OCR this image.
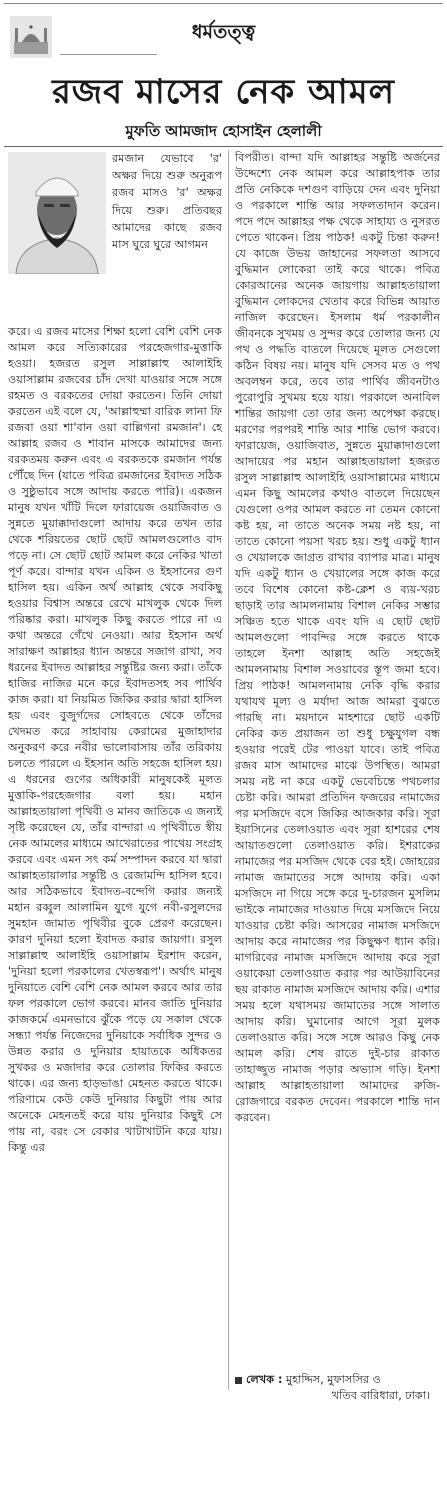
ধর্মতত্ত্ব
রজব মাসের নেক আমল
মুফতি আমজাদ হোসাইন হেলালী
রমজান যেভাবে 'র' অক্ষর দিয়ে শুরু অনুরূপ রজব মাসও 'র' অক্ষর দিয়ে শুরু। প্রতিবছর আমাদের কাছে রজব মাস ঘুরে ঘুরে আগমন
করে। এ রজব মাসের শিক্ষা হলো বেশি বেশি নেক আমল করে সত্যিকারের পরহেজগার-মুত্তাকি হওয়া। হজরত রসুল সাল্লাল্লাহু আলাইহি ওয়াসাল্লাম রজবের চাঁদ দেখা যাওয়ার সঙ্গে সঙ্গে রহমত ও বরকতের দোয়া করতেন। তিনি দোয়া করতেন এই বলে যে, 'আল্লাহুম্মা বারিক লানা ফি রজবা ওয়া শা'বান ওয়া বাল্লিগনা রমজান'। হে আল্লাহ রজব ও শাবান মাসকে আমাদের জন্য বরকতময় করুন এবং এ বরকতকে রমজান পর্যন্ত পৌঁছে দিন (যাতে পবিত্র রমজানের ইবাদত সঠিক ও সুষ্ঠুভাবে সঙ্গে আদায় করতে পারি)। একজন মানুষ যখন খাঁটি দিলে ফারায়েজ ওয়াজিবাত ও সুন্নতে মুয়াক্কাদাগুলো আদায় করে তখন তার থেকে শরিয়তের ছোট ছোট আমলগুলোও বাদ পড়ে না। সে ছোট ছোট আমল করে নেকির খাতা পূর্ণ করে। বান্দার যখন একিন ও ইহসানের গুণ হাসিল হয়। একিন অর্থ আল্লাহ থেকে সবকিছু হওয়ার বিশ্বাস অন্তরে রেখে মাখলুক থেকে দিল পরিষ্কার করা। মাখলুক কিছু করতে পারে না এ কথা অন্তরে গেঁথে নেওয়া। আর ইহসান অর্থ সারাক্ষণ আল্লাহর ধ্যান অন্তরে সজাগ রাখা, সব ধরনের ইবাদত আল্লাহর সন্তুষ্টির জন্য করা। তাঁকে হাজির নাজির মনে করে ইবাদতসহ সব পার্থিব কাজ করা। যা নিয়মিত জিকির করার দ্বারা হাসিল হয় এবং বুজুর্গদের সোহবতে থেকে তাঁদের খেদমত করে সাহাবায় কেরামের মুজাহাদার অনুকরণ করে নবীর ভালোবাসায় তাঁর তরিকায় চলতে পারলে এ ইহসান অতি সহজে হাসিল হয়। এ ধরনের গুণের অধিকারী মানুষকেই মূলত মুত্তাকি-পরহেজগার বলা হয়। মহান আল্লাহতায়ালা পৃথিবী ও মানব জাতিকে এ জন্যই সৃষ্টি করেছেন যে, তাঁর বান্দারা এ পৃথিবীতে স্বীয় নেক আমলের মাধ্যমে আখেরাতের পাথেয় সংগ্রহ করবে এবং এমন সৎ কর্ম সম্পাদন করবে যা দ্বারা আল্লাহতায়ালার সন্তুষ্টি ও রেজামন্দি হাসিল হবে। আর সঠিকভাবে ইবাদত-বন্দেগি করার জন্যই মহান রব্বুল আলামিন যুগে যুগে নবী-রসুলদের সুমহান জামাত পৃথিবীর বুকে প্রেরণ করেছেন। কারণ দুনিয়া হলো ইবাদত করার জায়গা। রসুল সাল্লাল্লাহু আলাইহি ওয়াসাল্লাম ইরশাদ করেন, 'দুনিয়া হলো পরকালের খেতস্বরূপ'। অর্থাৎ মানুষ দুনিয়াতে বেশি বেশি নেক আমল করবে আর তার ফল পরকালে ভোগ করবে। মানব জাতি দুনিয়ার কাজকর্মে এমনভাবে ঝুঁকে পড়ে যে সকাল থেকে সন্ধ্যা পর্যন্ত নিজেদের দুনিয়াকে সর্বাধিক সুন্দর ও উন্নত করার ও দুনিয়ার হায়াতকে অধিকতর সুখকর ও মজাদার করে তোলার ফিকির করতে থাকে। এর জন্য হাড়ভাঙা মেহনত করতে থাকে। পরিণামে কেউ কেউ দুনিয়ার কিছুটা পায় আর অনেকে মেহনতই করে যায় দুনিয়ার কিছুই সে পায় না, বরং সে বেকার খাটাখাটনি করে যায়। কিন্তু এর
বিপরীত। বান্দা যদি আল্লাহর সন্তুষ্টি অর্জনের উদ্দেশ্যে নেক আমল করে আল্লাহপাক তার প্রতি নেকিকে দশগুণ বাড়িয়ে দেন এবং দুনিয়া ও পরকালে শান্তি আর সফলতাদান করেন। পদে পদে আল্লাহর পক্ষ থেকে সাহায্য ও নুসরত পেতে থাকেন। প্রিয় পাঠক! একটু চিন্তা করুন! যে কাজে উভয় জাহানের সফলতা আসবে বুদ্ধিমান লোকেরা তাই করে থাকে। পবিত্র কোরআনের অনেক জায়গায় আল্লাহতায়ালা বুদ্ধিমান লোকদের খেতাব করে বিভিন্ন আয়াত নাজিল করেছেন। ইসলাম ধর্ম পরকালীন জীবনকে সুখময় ও সুন্দর করে তোলার জন্য যে পথ ও পদ্ধতি বাতলে দিয়েছে মূলত সেগুলো কঠিন বিষয় নয়। মানুষ যদি সেসব মত ও পথ অবলম্বন করে, তবে তার পার্থিব জীবনটাও পুরোপুরি সুখময় হয়ে যায়। পরকালে অনাবিল শান্তির জায়গা তো তার জন্য অপেক্ষা করছে। মরণের পরপরই শান্তি আর শান্তি ভোগ করবে। ফারায়েজ, ওয়াজিবাত, সুন্নতে মুয়াক্কাদাগুলো আদায়ের পর মহান আল্লাহতায়ালা হজরত রসুল সাল্লাল্লাহু আলাইহি ওয়াসাল্লামের মাধ্যমে এমন কিছু আমলের কথাও বাতলে দিয়েছেন যেগুলো ওপর আমল করতে না তেমন কোনো কষ্ট হয়, না তাতে অনেক সময় নষ্ট হয়, না তাতে কোনো পয়সা খরচ হয়। শুধু একটু ধ্যান ও খেয়ালকে জাগ্রত রাখার ব্যাপার মাত্র। মানুষ যদি একটু ধ্যান ও খেয়ালের সঙ্গে কাজ করে তবে বিশেষ কোনো কষ্ট-ক্লেশ ও ব্যয়-খরচ ছাড়াই তার আমলনামায় বিশাল নেকির সম্ভার সঞ্চিত হতে থাকে এবং যদি এ ছোট ছোট আমলগুলো পাবন্দির সঙ্গে করতে থাকে তাহলে ইনশা আল্লাহ অতি সহজেই আমলনামায় বিশাল সওয়াবের স্তূপ জমা হবে। প্রিয় পাঠক! আমলনামায় নেকি বৃদ্ধি করার যথাযথ মূল্য ও মর্যাদা আজ আমরা বুঝতে পারছি না। ময়দানে মাহশারে ছোট একটি নেকির কত প্রয়াজন তা শুধু চক্ষুযুগল বন্ধ হওয়ার পরেই টের পাওয়া যাবে। তাই পবিত্র রজব মাস আমাদের মাঝে উপস্থিত। আমরা সময় নষ্ট না করে একটু ভেবেচিন্তে পথচলার চেষ্টা করি। আমরা প্রতিদিন ফজরের নামাজের পর মসজিদে বসে জিকির আজকার করি। সূরা ইয়াসিনের তেলাওয়াত এবং সূরা হাশরের শেষ আয়াতগুলো তেলাওয়াত করি। ইশরাকের নামাজের পর মসজিদ থেকে বের হই। জোহরের নামাজ জামাতের সঙ্গে আদায় করি। একা মসজিদে না গিয়ে সঙ্গে করে দু-চারজন মুসলিম ভাইকে নামাজের দাওয়াত দিয়ে মসজিদে নিয়ে যাওয়ার চেষ্টা করি। আসরের নামাজ মসজিদে আদায় করে নামাজের পর কিছুক্ষণ ধ্যান করি। মাগরিবের নামাজ মসজিদে আদায় করে সূরা ওয়াকেয়া তেলাওয়াত করার পর আউয়াবিনের ছয় রাকাত নামাজ মসজিদে আদায় করি। এশার সময় হলে যথাসময় জামাতের সঙ্গে সালাত আদায় করি। ঘুমানোর আগে সূরা মুলক তেলাওয়াত করি। সঙ্গে সঙ্গে আরও কিছু নেক আমল করি। শেষ রাতে দুই-চার রাকাত তাহাজ্জুত নামাজ পড়ার অভ্যাস গড়ি। ইনশা আল্লাহ আল্লাহতায়ালা আমাদের রুজি-রোজগারে বরকত দেবেন। পরকালে শান্তি দান করবেন।
লেখক : মুহাদ্দিস, মুফাসসির ও
খতিব বারিধারা, ঢাকা।
